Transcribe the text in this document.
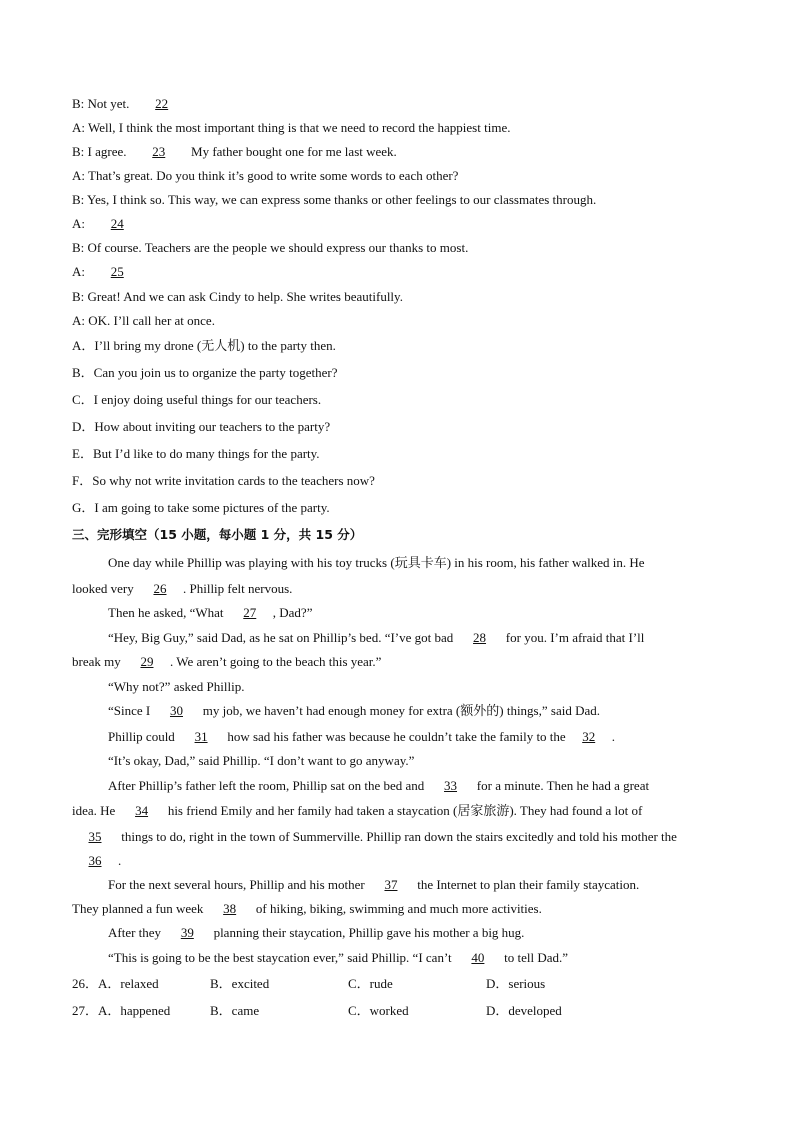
B: Not yet. 22
A: Well, I think the most important thing is that we need to record the happiest time.
B: I agree. 23 My father bought one for me last week.
A: That’s great. Do you think it’s good to write some words to each other?
B: Yes, I think so. This way, we can express some thanks or other feelings to our classmates through.
A: 24
B: Of course. Teachers are the people we should express our thanks to most.
A: 25
B: Great! And we can ask Cindy to help. She writes beautifully.
A: OK. I’ll call her at once.
A．I’ll bring my drone (无人机) to the party then.
B．Can you join us to organize the party together?
C．I enjoy doing useful things for our teachers.
D．How about inviting our teachers to the party?
E．But I’d like to do many things for the party.
F．So why not write invitation cards to the teachers now?
G．I am going to take some pictures of the party.
三、完形填空（15 小题，每小题 1 分，共 15 分）
One day while Phillip was playing with his toy trucks (玩具卡车) in his room, his father walked in. He
looked very 26 . Phillip felt nervous.
Then he asked, “What 27 , Dad?”
“Hey, Big Guy,” said Dad, as he sat on Phillip’s bed. “I’ve got bad 28 for you. I’m afraid that I’ll
break my 29 . We aren’t going to the beach this year.”
“Why not?” asked Phillip.
“Since I 30 my job, we haven’t had enough money for extra (额外的) things,” said Dad.
Phillip could 31 how sad his father was because he couldn’t take the family to the 32 .
“It’s okay, Dad,” said Phillip. “I don’t want to go anyway.”
After Phillip’s father left the room, Phillip sat on the bed and 33 for a minute. Then he had a great
idea. He 34 his friend Emily and her family had taken a staycation (居家旅游). They had found a lot of
35 things to do, right in the town of Summerville. Phillip ran down the stairs excitedly and told his mother the
36 .
For the next several hours, Phillip and his mother 37 the Internet to plan their family staycation.
They planned a fun week 38 of hiking, biking, swimming and much more activities.
After they 39 planning their staycation, Phillip gave his mother a big hug.
“This is going to be the best staycation ever,” said Phillip. “I can’t 40 to tell Dad.”
26．A．relaxed	B．excited	C．rude	D．serious
27．A．happened	B．came	C．worked	D．developed
